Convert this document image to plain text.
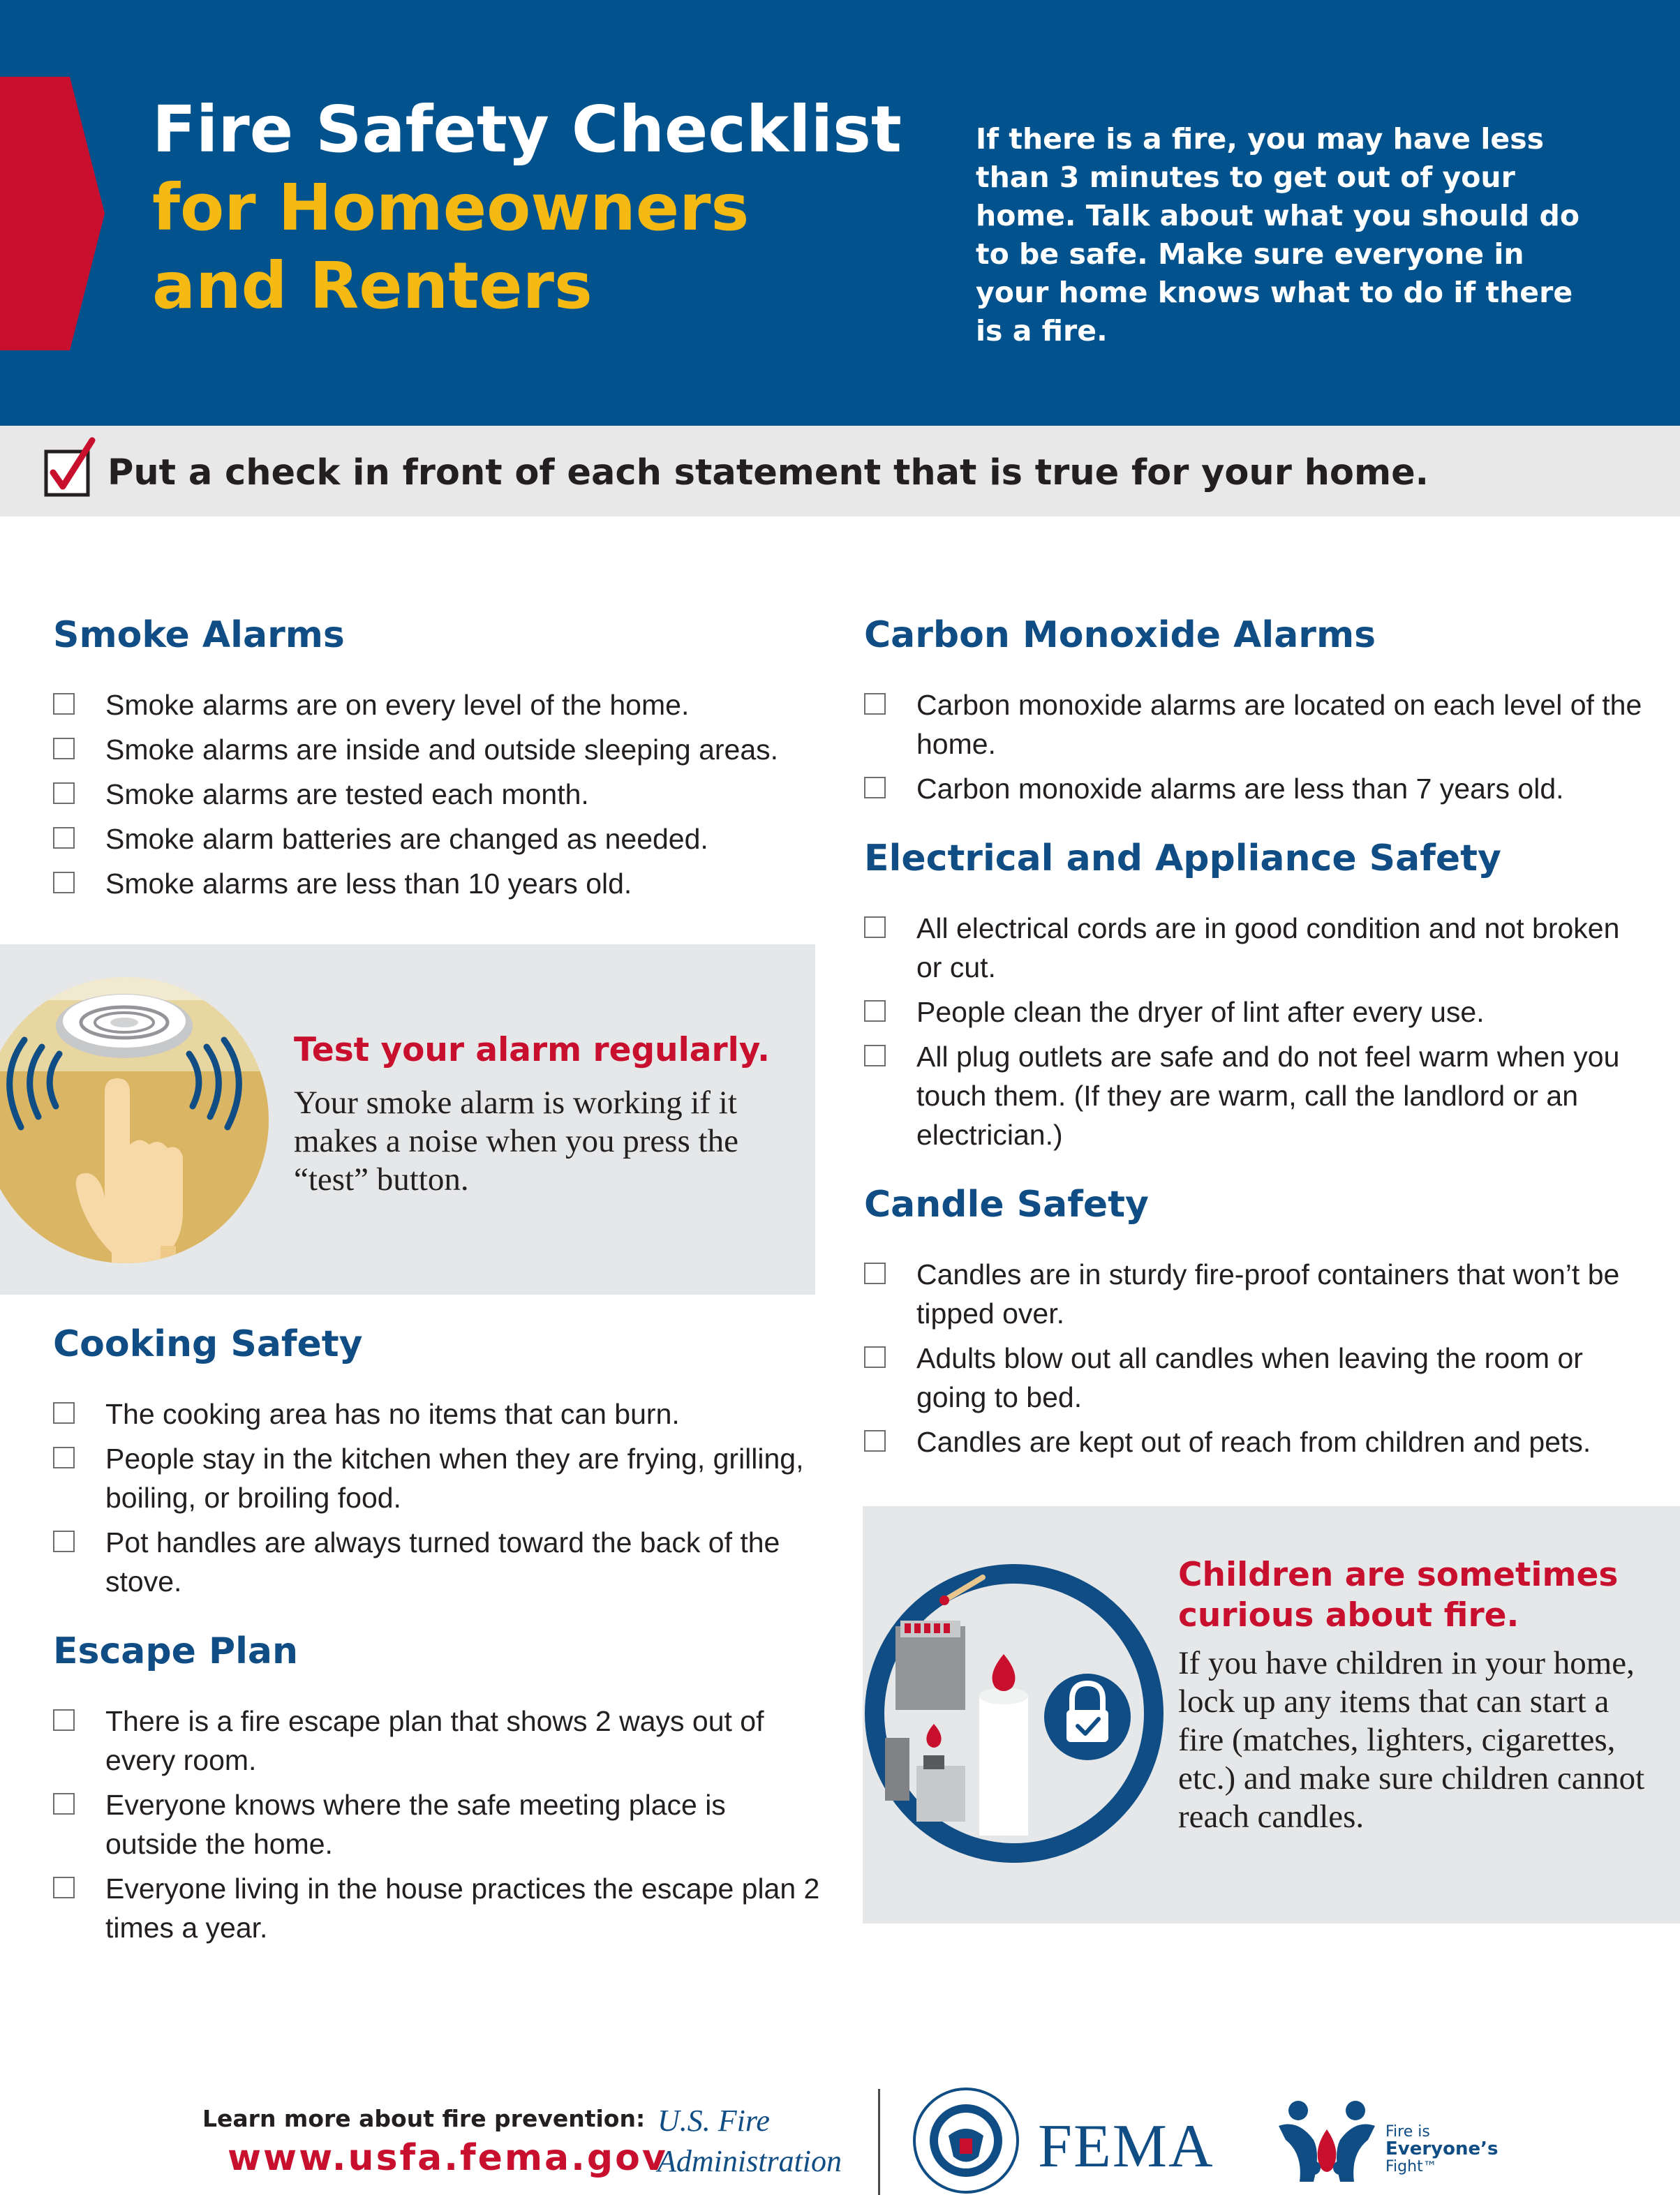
Fire Safety Checklist
for Homeowners
and Renters
If there is a fire, you may have less than 3 minutes to get out of your home. Talk about what you should do to be safe. Make sure everyone in your home knows what to do if there is a fire.
Put a check in front of each statement that is true for your home.
Smoke Alarms
Smoke alarms are on every level of the home.
Smoke alarms are inside and outside sleeping areas.
Smoke alarms are tested each month.
Smoke alarm batteries are changed as needed.
Smoke alarms are less than 10 years old.
Test your alarm regularly.
Your smoke alarm is working if it makes a noise when you press the “test” button.
Cooking Safety
The cooking area has no items that can burn.
People stay in the kitchen when they are frying, grilling, boiling, or broiling food.
Pot handles are always turned toward the back of the stove.
Escape Plan
There is a fire escape plan that shows 2 ways out of every room.
Everyone knows where the safe meeting place is outside the home.
Everyone living in the house practices the escape plan 2 times a year.
Carbon Monoxide Alarms
Carbon monoxide alarms are located on each level of the home.
Carbon monoxide alarms are less than 7 years old.
Electrical and Appliance Safety
All electrical cords are in good condition and not broken or cut.
People clean the dryer of lint after every use.
All plug outlets are safe and do not feel warm when you touch them. (If they are warm, call the landlord or an electrician.)
Candle Safety
Candles are in sturdy fire-proof containers that won’t be tipped over.
Adults blow out all candles when leaving the room or going to bed.
Candles are kept out of reach from children and pets.
Children are sometimes curious about fire.
If you have children in your home, lock up any items that can start a fire (matches, lighters, cigarettes, etc.) and make sure children cannot reach candles.
Learn more about fire prevention:
www.usfa.fema.gov
U.S. Fire
Administration	FEMA	Fire is
Everyone’s
Fight™
